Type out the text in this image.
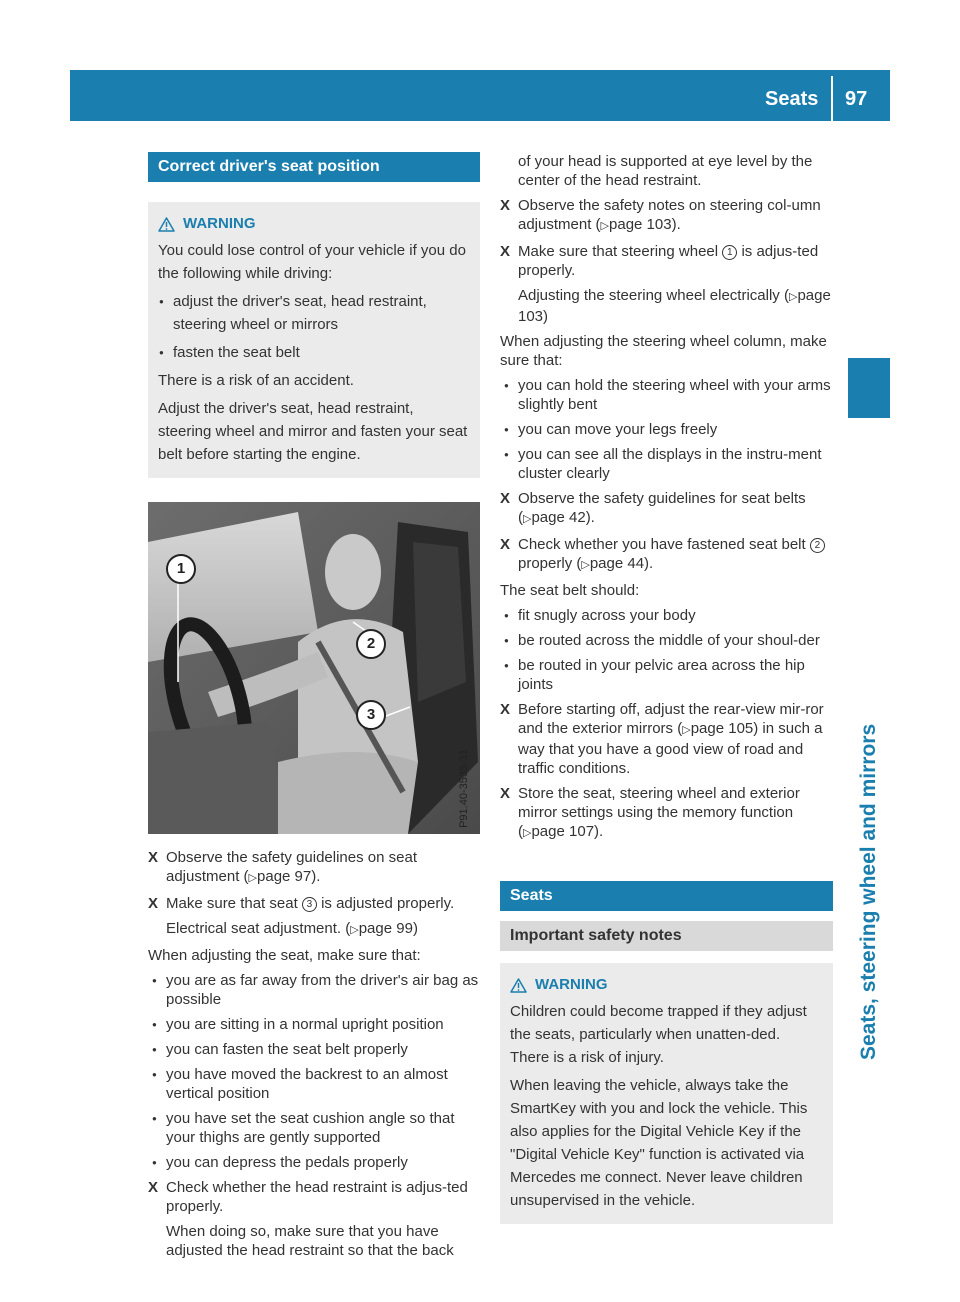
Seats 97
Seats, steering wheel and mirrors
Correct driver's seat position
WARNING

You could lose control of your vehicle if you do the following while driving:

● adjust the driver's seat, head restraint, steering wheel or mirrors
● fasten the seat belt

There is a risk of an accident.

Adjust the driver's seat, head restraint, steering wheel and mirror and fasten your seat belt before starting the engine.

1
2
3
P91.40-3535-31
X Observe the safety guidelines on seat adjustment (▷page 97).
X Make sure that seat 3 is adjusted properly.
Electrical seat adjustment. (▷page 99)
When adjusting the seat, make sure that:
● you are as far away from the driver's air bag as possible
● you are sitting in a normal upright position
● you can fasten the seat belt properly
● you have moved the backrest to an almost vertical position
● you have set the seat cushion angle so that your thighs are gently supported
● you can depress the pedals properly
X Check whether the head restraint is adjus-ted properly.
When doing so, make sure that you have adjusted the head restraint so that the back
of your head is supported at eye level by the center of the head restraint.
X Observe the safety notes on steering col-umn adjustment (▷page 103).
X Make sure that steering wheel 1 is adjus-ted properly.
Adjusting the steering wheel electrically (▷page 103)
When adjusting the steering wheel column, make sure that:
● you can hold the steering wheel with your arms slightly bent
● you can move your legs freely
● you can see all the displays in the instru-ment cluster clearly
X Observe the safety guidelines for seat belts (▷page 42).
X Check whether you have fastened seat belt 2 properly (▷page 44).
The seat belt should:
● fit snugly across your body
● be routed across the middle of your shoul-der
● be routed in your pelvic area across the hip joints
X Before starting off, adjust the rear-view mir-ror and the exterior mirrors (▷page 105) in such a way that you have a good view of road and traffic conditions.
X Store the seat, steering wheel and exterior mirror settings using the memory function (▷page 107).
Seats
Important safety notes
WARNING

Children could become trapped if they adjust the seats, particularly when unatten-ded. There is a risk of injury.

When leaving the vehicle, always take the SmartKey with you and lock the vehicle. This also applies for the Digital Vehicle Key if the "Digital Vehicle Key" function is activated via Mercedes me connect. Never leave children unsupervised in the vehicle.
